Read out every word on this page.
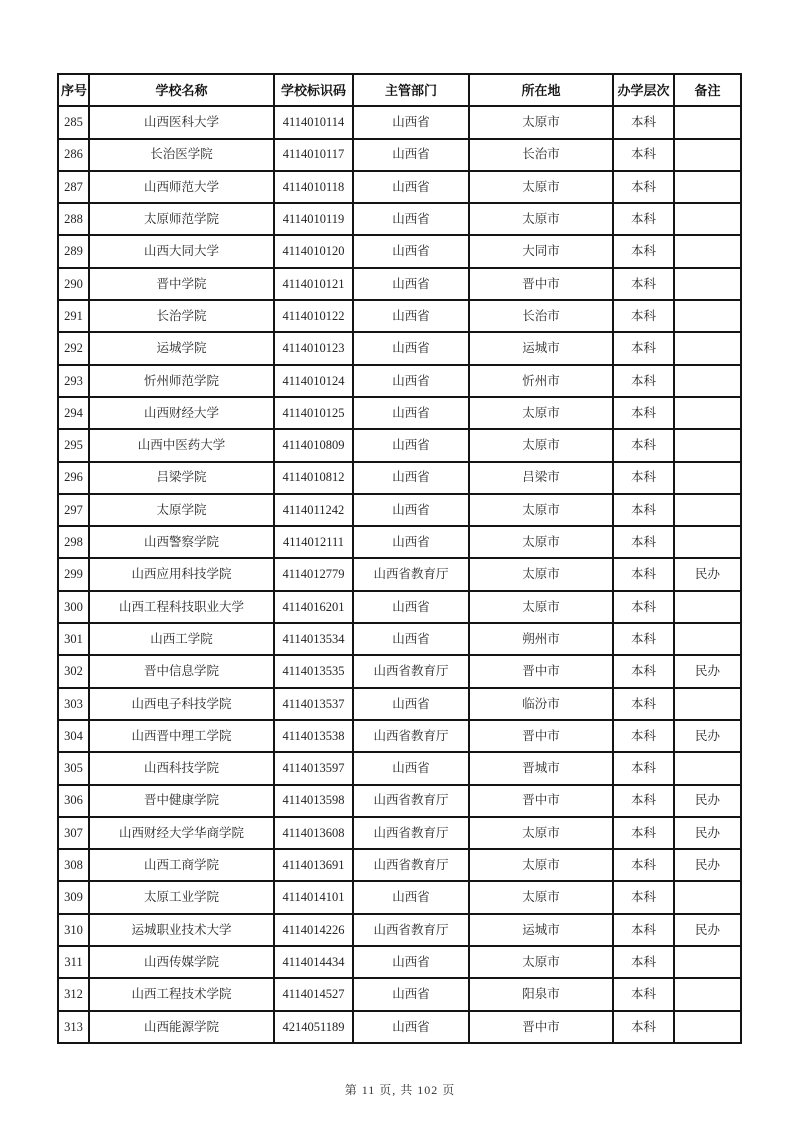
序号	学校名称	学校标识码	主管部门	所在地	办学层次	备注
285	山西医科大学	4114010114	山西省	太原市	本科	
286	长治医学院	4114010117	山西省	长治市	本科	
287	山西师范大学	4114010118	山西省	太原市	本科	
288	太原师范学院	4114010119	山西省	太原市	本科	
289	山西大同大学	4114010120	山西省	大同市	本科	
290	晋中学院	4114010121	山西省	晋中市	本科	
291	长治学院	4114010122	山西省	长治市	本科	
292	运城学院	4114010123	山西省	运城市	本科	
293	忻州师范学院	4114010124	山西省	忻州市	本科	
294	山西财经大学	4114010125	山西省	太原市	本科	
295	山西中医药大学	4114010809	山西省	太原市	本科	
296	吕梁学院	4114010812	山西省	吕梁市	本科	
297	太原学院	4114011242	山西省	太原市	本科	
298	山西警察学院	4114012111	山西省	太原市	本科	
299	山西应用科技学院	4114012779	山西省教育厅	太原市	本科	民办
300	山西工程科技职业大学	4114016201	山西省	太原市	本科	
301	山西工学院	4114013534	山西省	朔州市	本科	
302	晋中信息学院	4114013535	山西省教育厅	晋中市	本科	民办
303	山西电子科技学院	4114013537	山西省	临汾市	本科	
304	山西晋中理工学院	4114013538	山西省教育厅	晋中市	本科	民办
305	山西科技学院	4114013597	山西省	晋城市	本科	
306	晋中健康学院	4114013598	山西省教育厅	晋中市	本科	民办
307	山西财经大学华商学院	4114013608	山西省教育厅	太原市	本科	民办
308	山西工商学院	4114013691	山西省教育厅	太原市	本科	民办
309	太原工业学院	4114014101	山西省	太原市	本科	
310	运城职业技术大学	4114014226	山西省教育厅	运城市	本科	民办
311	山西传媒学院	4114014434	山西省	太原市	本科	
312	山西工程技术学院	4114014527	山西省	阳泉市	本科	
313	山西能源学院	4214051189	山西省	晋中市	本科	
第 11 页, 共 102 页
